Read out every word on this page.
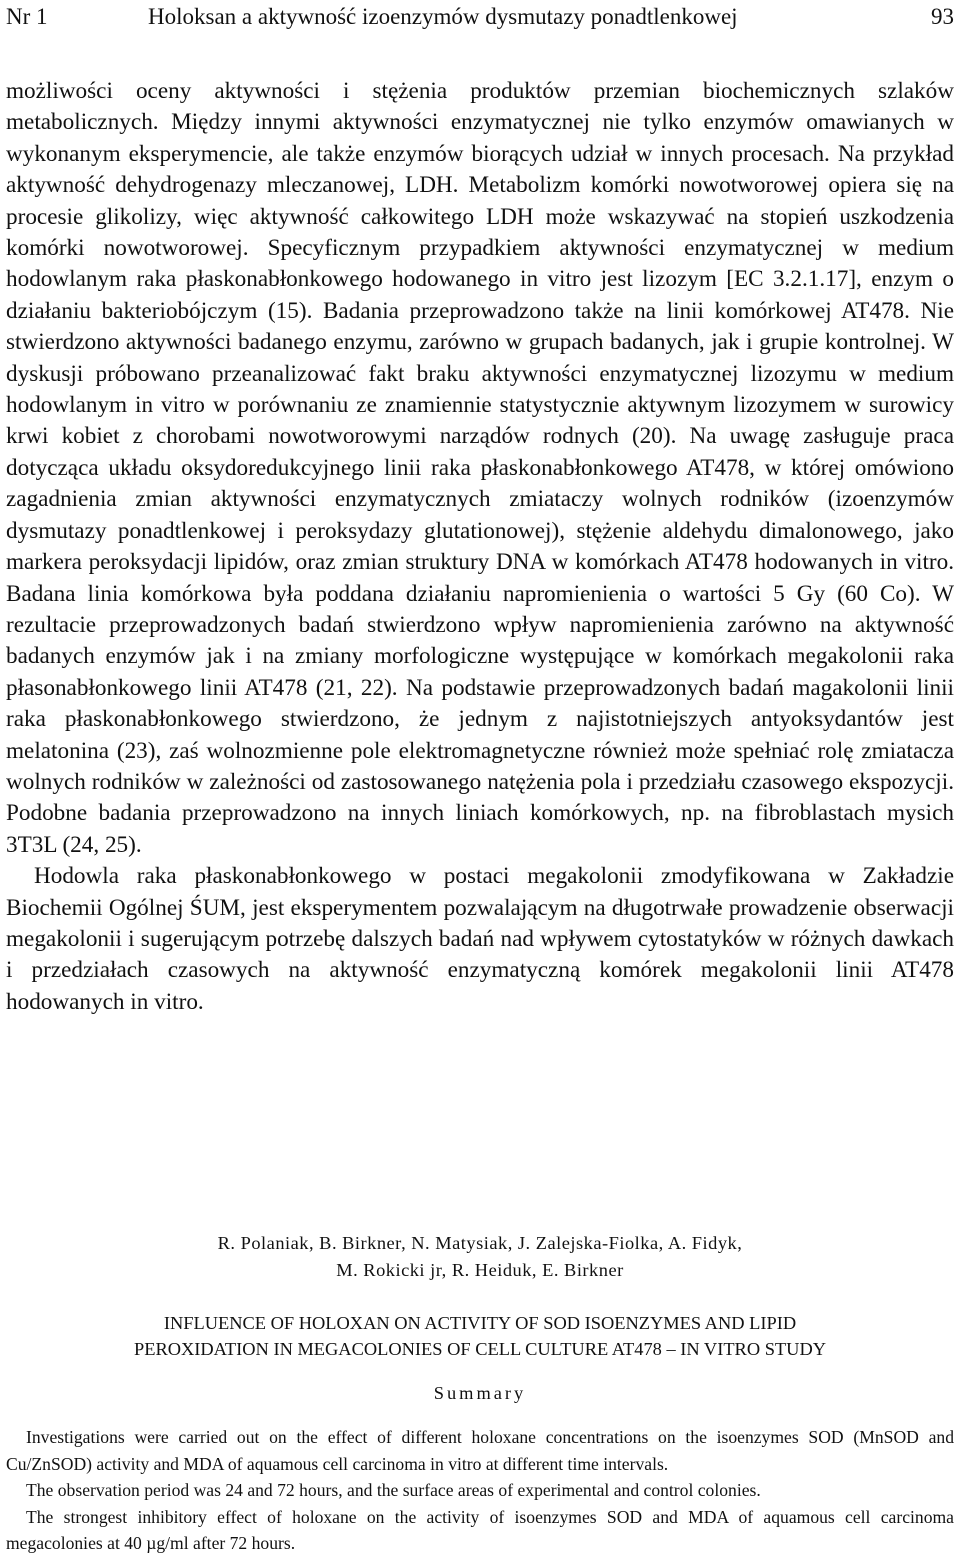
Nr 1	Holoksan a aktywność izoenzymów dysmutazy ponadtlenkowej	93

możliwości oceny aktywności i stężenia produktów przemian biochemicznych szlaków metabolicznych. Między innymi aktywności enzymatycznej nie tylko enzymów omawianych w wykonanym eksperymencie, ale także enzymów biorących udział w innych procesach. Na przykład aktywność dehydrogenazy mleczanowej, LDH. Metabolizm komórki nowotworowej opiera się na procesie glikolizy, więc aktywność całkowitego LDH może wskazywać na stopień uszkodzenia komórki nowotworowej. Specyficznym przypadkiem aktywności enzymatycznej w medium hodowlanym raka płaskonabłonkowego hodowanego in vitro jest lizozym [EC 3.2.1.17], enzym o działaniu bakteriobójczym (15). Badania przeprowadzono także na linii komórkowej AT478. Nie stwierdzono aktywności badanego enzymu, zarówno w grupach badanych, jak i grupie kontrolnej. W dyskusji próbowano przeanalizować fakt braku aktywności enzymatycznej lizozymu w medium hodowlanym in vitro w porównaniu ze znamiennie statystycznie aktywnym lizozymem w surowicy krwi kobiet z chorobami nowotworowymi narządów rodnych (20). Na uwagę zasługuje praca dotycząca układu oksydoredukcyjnego linii raka płaskonabłonkowego AT478, w której omówiono zagadnienia zmian aktywności enzymatycznych zmiataczy wolnych rodników (izoenzymów dysmutazy ponadtlenkowej i peroksydazy glutationowej), stężenie aldehydu dimalonowego, jako markera peroksydacji lipidów, oraz zmian struktury DNA w komórkach AT478 hodowanych in vitro. Badana linia komórkowa była poddana działaniu napromienienia o wartości 5 Gy (60 Co). W rezultacie przeprowadzonych badań stwierdzono wpływ napromienienia zarówno na aktywność badanych enzymów jak i na zmiany morfologiczne występujące w komórkach megakolonii raka płasonabłonkowego linii AT478 (21, 22). Na podstawie przeprowadzonych badań magakolonii linii raka płaskonabłonkowego stwierdzono, że jednym z najistotniejszych antyoksydantów jest melatonina (23), zaś wolnozmienne pole elektromagnetyczne również może spełniać rolę zmiatacza wolnych rodników w zależności od zastosowanego natężenia pola i przedziału czasowego ekspozycji. Podobne badania przeprowadzono na innych liniach komórkowych, np. na fibroblastach mysich 3T3L (24, 25).

Hodowla raka płaskonabłonkowego w postaci megakolonii zmodyfikowana w Zakładzie Biochemii Ogólnej ŚUM, jest eksperymentem pozwalającym na długotrwałe prowadzenie obserwacji megakolonii i sugerującym potrzebę dalszych badań nad wpływem cytostatyków w różnych dawkach i przedziałach czasowych na aktywność enzymatyczną komórek megakolonii linii AT478 hodowanych in vitro.

R. Polaniak, B. Birkner, N. Matysiak, J. Zalejska-Fiolka, A. Fidyk,
M. Rokicki jr, R. Heiduk, E. Birkner
INFLUENCE OF HOLOXAN ON ACTIVITY OF SOD ISOENZYMES AND LIPID
PEROXIDATION IN MEGACOLONIES OF CELL CULTURE AT478 – IN VITRO STUDY
Summary

Investigations were carried out on the effect of different holoxane concentrations on the isoenzymes SOD (MnSOD and Cu/ZnSOD) activity and MDA of aquamous cell carcinoma in vitro at different time intervals.

The observation period was 24 and 72 hours, and the surface areas of experimental and control colonies.

The strongest inhibitory effect of holoxane on the activity of isoenzymes SOD and MDA of aquamous cell carcinoma megacolonies at 40 µg/ml after 72 hours.
